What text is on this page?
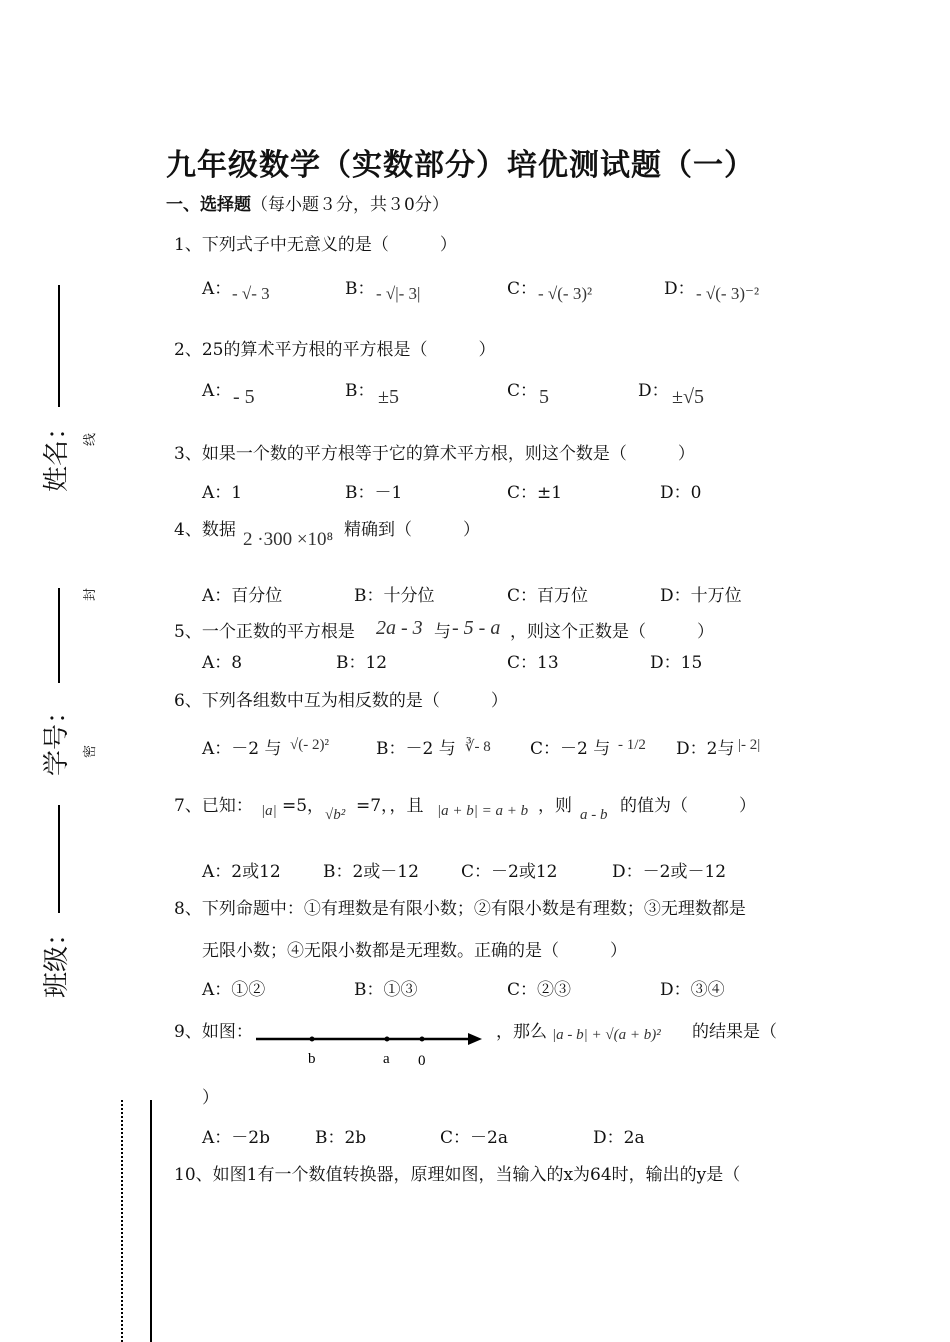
九年级数学（实数部分）培优测试题（一）
一、选择题（每小题３分，共３0分）
姓名： 线
学号：
封
密
班级：
1、下列式子中无意义的是（　　　）
A： - √- 3	B： - √|- 3|	C： - √(- 3)²	D： - √(- 3)⁻²
2、25的算术平方根的平方根是（　　　）
A： - 5	B： ±5	C： 5	D： ±√5
3、如果一个数的平方根等于它的算术平方根，则这个数是（　　　）
A：1	B：－1	C：±1	D：0
4、数据 2 ·300 ×10⁸ 精确到（　　　）
A：百分位	B：十分位	C：百万位	D：十万位
5、一个正数的平方根是 2a - 3 与 - 5 - a ，则这个正数是（　　　）
A：8	B：12	C：13	D：15
6、下列各组数中互为相反数的是（　　　）
A：－2 与 √(- 2)²	B：－2 与 ∛- 8 C：－2 与 - 1/2 D：2与 |- 2|
7、已知： |a| =5， √b² =7，，且 |a + b| = a + b ，则 a - b 的值为（　　　）
A：2或12 B：2或－12 C：－2或12	D：－2或－12
8、下列命题中：①有理数是有限小数；②有限小数是有理数；③无理数都是
无限小数；④无限小数都是无理数。正确的是（　　　）
A：①②	B：①③	C：②③	D：③④
9、如图：
b	a 0
，那么 |a - b| + √(a + b)² 的结果是（
）
A：－2b	B：2b	C：－2a	D：2a
10、如图1有一个数值转换器，原理如图，当输入的x为64时，输出的y是（
